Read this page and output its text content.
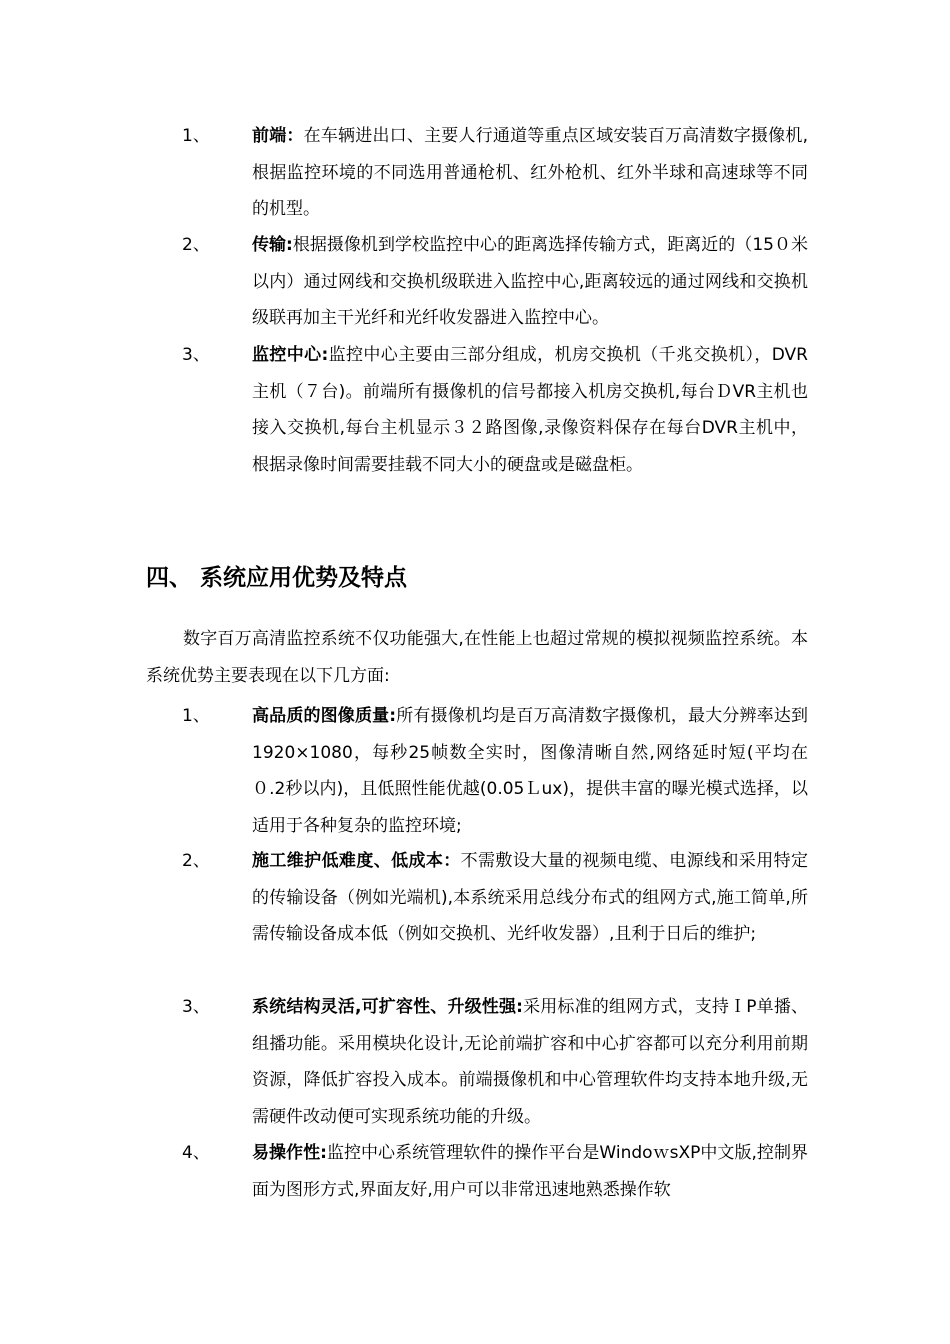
1、	前端：在车辆进出口、主要人行通道等重点区域安装百万高清数字摄像机,根据监控环境的不同选用普通枪机、红外枪机、红外半球和高速球等不同的机型。
2、	传输:根据摄像机到学校监控中心的距离选择传输方式，距离近的（15０米以内）通过网线和交换机级联进入监控中心,距离较远的通过网线和交换机级联再加主干光纤和光纤收发器进入监控中心。
3、	监控中心:监控中心主要由三部分组成，机房交换机（千兆交换机），DVR主机（７台)。前端所有摄像机的信号都接入机房交换机,每台ＤVR主机也接入交换机,每台主机显示３２路图像,录像资料保存在每台DVR主机中，根据录像时间需要挂载不同大小的硬盘或是磁盘柜。
四、 系统应用优势及特点
数字百万高清监控系统不仅功能强大,在性能上也超过常规的模拟视频监控系统。本系统优势主要表现在以下几方面:
1、	高品质的图像质量:所有摄像机均是百万高清数字摄像机，最大分辨率达到1920×1080，每秒25帧数全实时，图像清晰自然,网络延时短(平均在０.2秒以内)，且低照性能优越(0.05Ｌux)，提供丰富的曝光模式选择，以适用于各种复杂的监控环境;
2、	施工维护低难度、低成本：不需敷设大量的视频电缆、电源线和采用特定的传输设备（例如光端机),本系统采用总线分布式的组网方式,施工简单,所需传输设备成本低（例如交换机、光纤收发器）,且利于日后的维护;
3、	系统结构灵活,可扩容性、升级性强:采用标准的组网方式，支持ＩP单播、组播功能。采用模块化设计,无论前端扩容和中心扩容都可以充分利用前期资源，降低扩容投入成本。前端摄像机和中心管理软件均支持本地升级,无需硬件改动便可实现系统功能的升级。
4、	易操作性:监控中心系统管理软件的操作平台是WindoｗsXP中文版,控制界面为图形方式,界面友好,用户可以非常迅速地熟悉操作软
